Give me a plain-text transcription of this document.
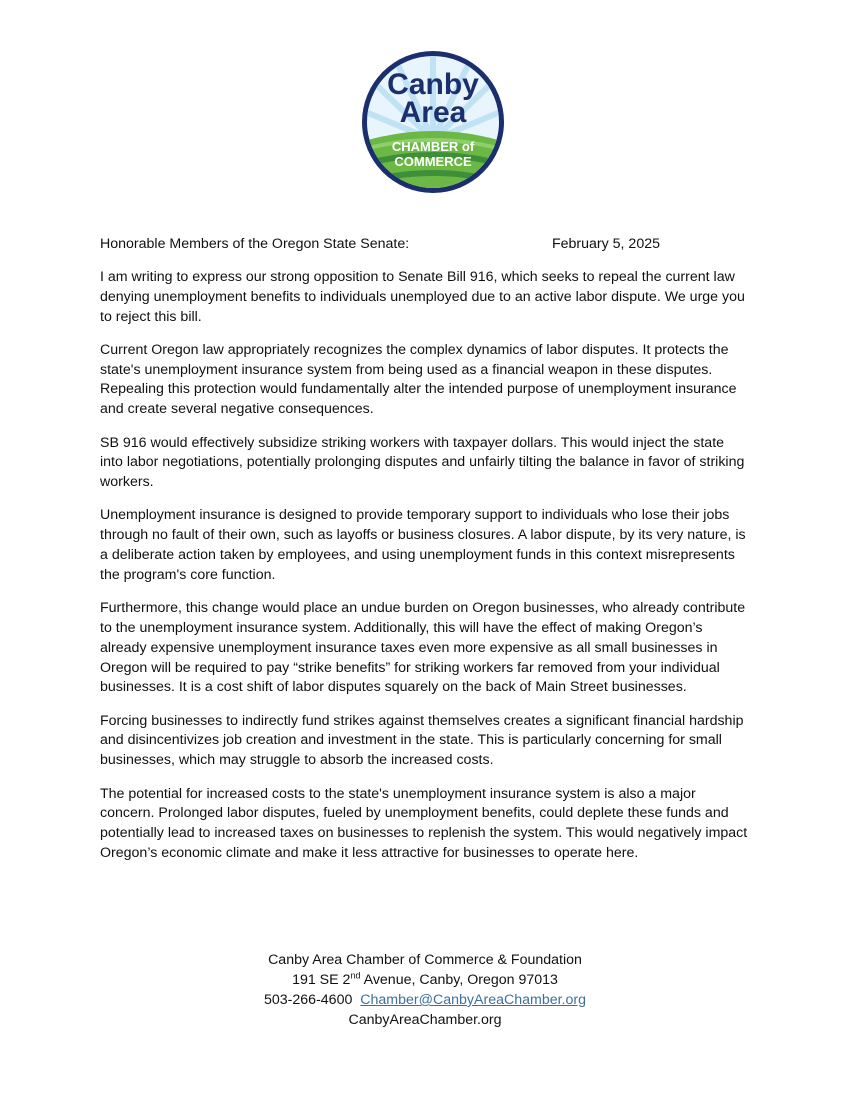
Canby
Area
CHAMBER of
COMMERCE
Honorable Members of the Oregon State Senate:	February 5, 2025

I am writing to express our strong opposition to Senate Bill 916, which seeks to repeal the current law denying unemployment benefits to individuals unemployed due to an active labor dispute. We urge you to reject this bill.

Current Oregon law appropriately recognizes the complex dynamics of labor disputes. It protects the state's unemployment insurance system from being used as a financial weapon in these disputes. Repealing this protection would fundamentally alter the intended purpose of unemployment insurance and create several negative consequences.

SB 916 would effectively subsidize striking workers with taxpayer dollars. This would inject the state into labor negotiations, potentially prolonging disputes and unfairly tilting the balance in favor of striking workers.

Unemployment insurance is designed to provide temporary support to individuals who lose their jobs through no fault of their own, such as layoffs or business closures. A labor dispute, by its very nature, is a deliberate action taken by employees, and using unemployment funds in this context misrepresents the program's core function.

Furthermore, this change would place an undue burden on Oregon businesses, who already contribute to the unemployment insurance system. Additionally, this will have the effect of making Oregon’s already expensive unemployment insurance taxes even more expensive as all small businesses in Oregon will be required to pay “strike benefits” for striking workers far removed from your individual businesses. It is a cost shift of labor disputes squarely on the back of Main Street businesses.

Forcing businesses to indirectly fund strikes against themselves creates a significant financial hardship and disincentivizes job creation and investment in the state. This is particularly concerning for small businesses, which may struggle to absorb the increased costs.

The potential for increased costs to the state's unemployment insurance system is also a major concern. Prolonged labor disputes, fueled by unemployment benefits, could deplete these funds and potentially lead to increased taxes on businesses to replenish the system. This would negatively impact Oregon’s economic climate and make it less attractive for businesses to operate here.

Canby Area Chamber of Commerce & Foundation
191 SE 2nd Avenue, Canby, Oregon 97013
503-266-4600 Chamber@CanbyAreaChamber.org
CanbyAreaChamber.org
